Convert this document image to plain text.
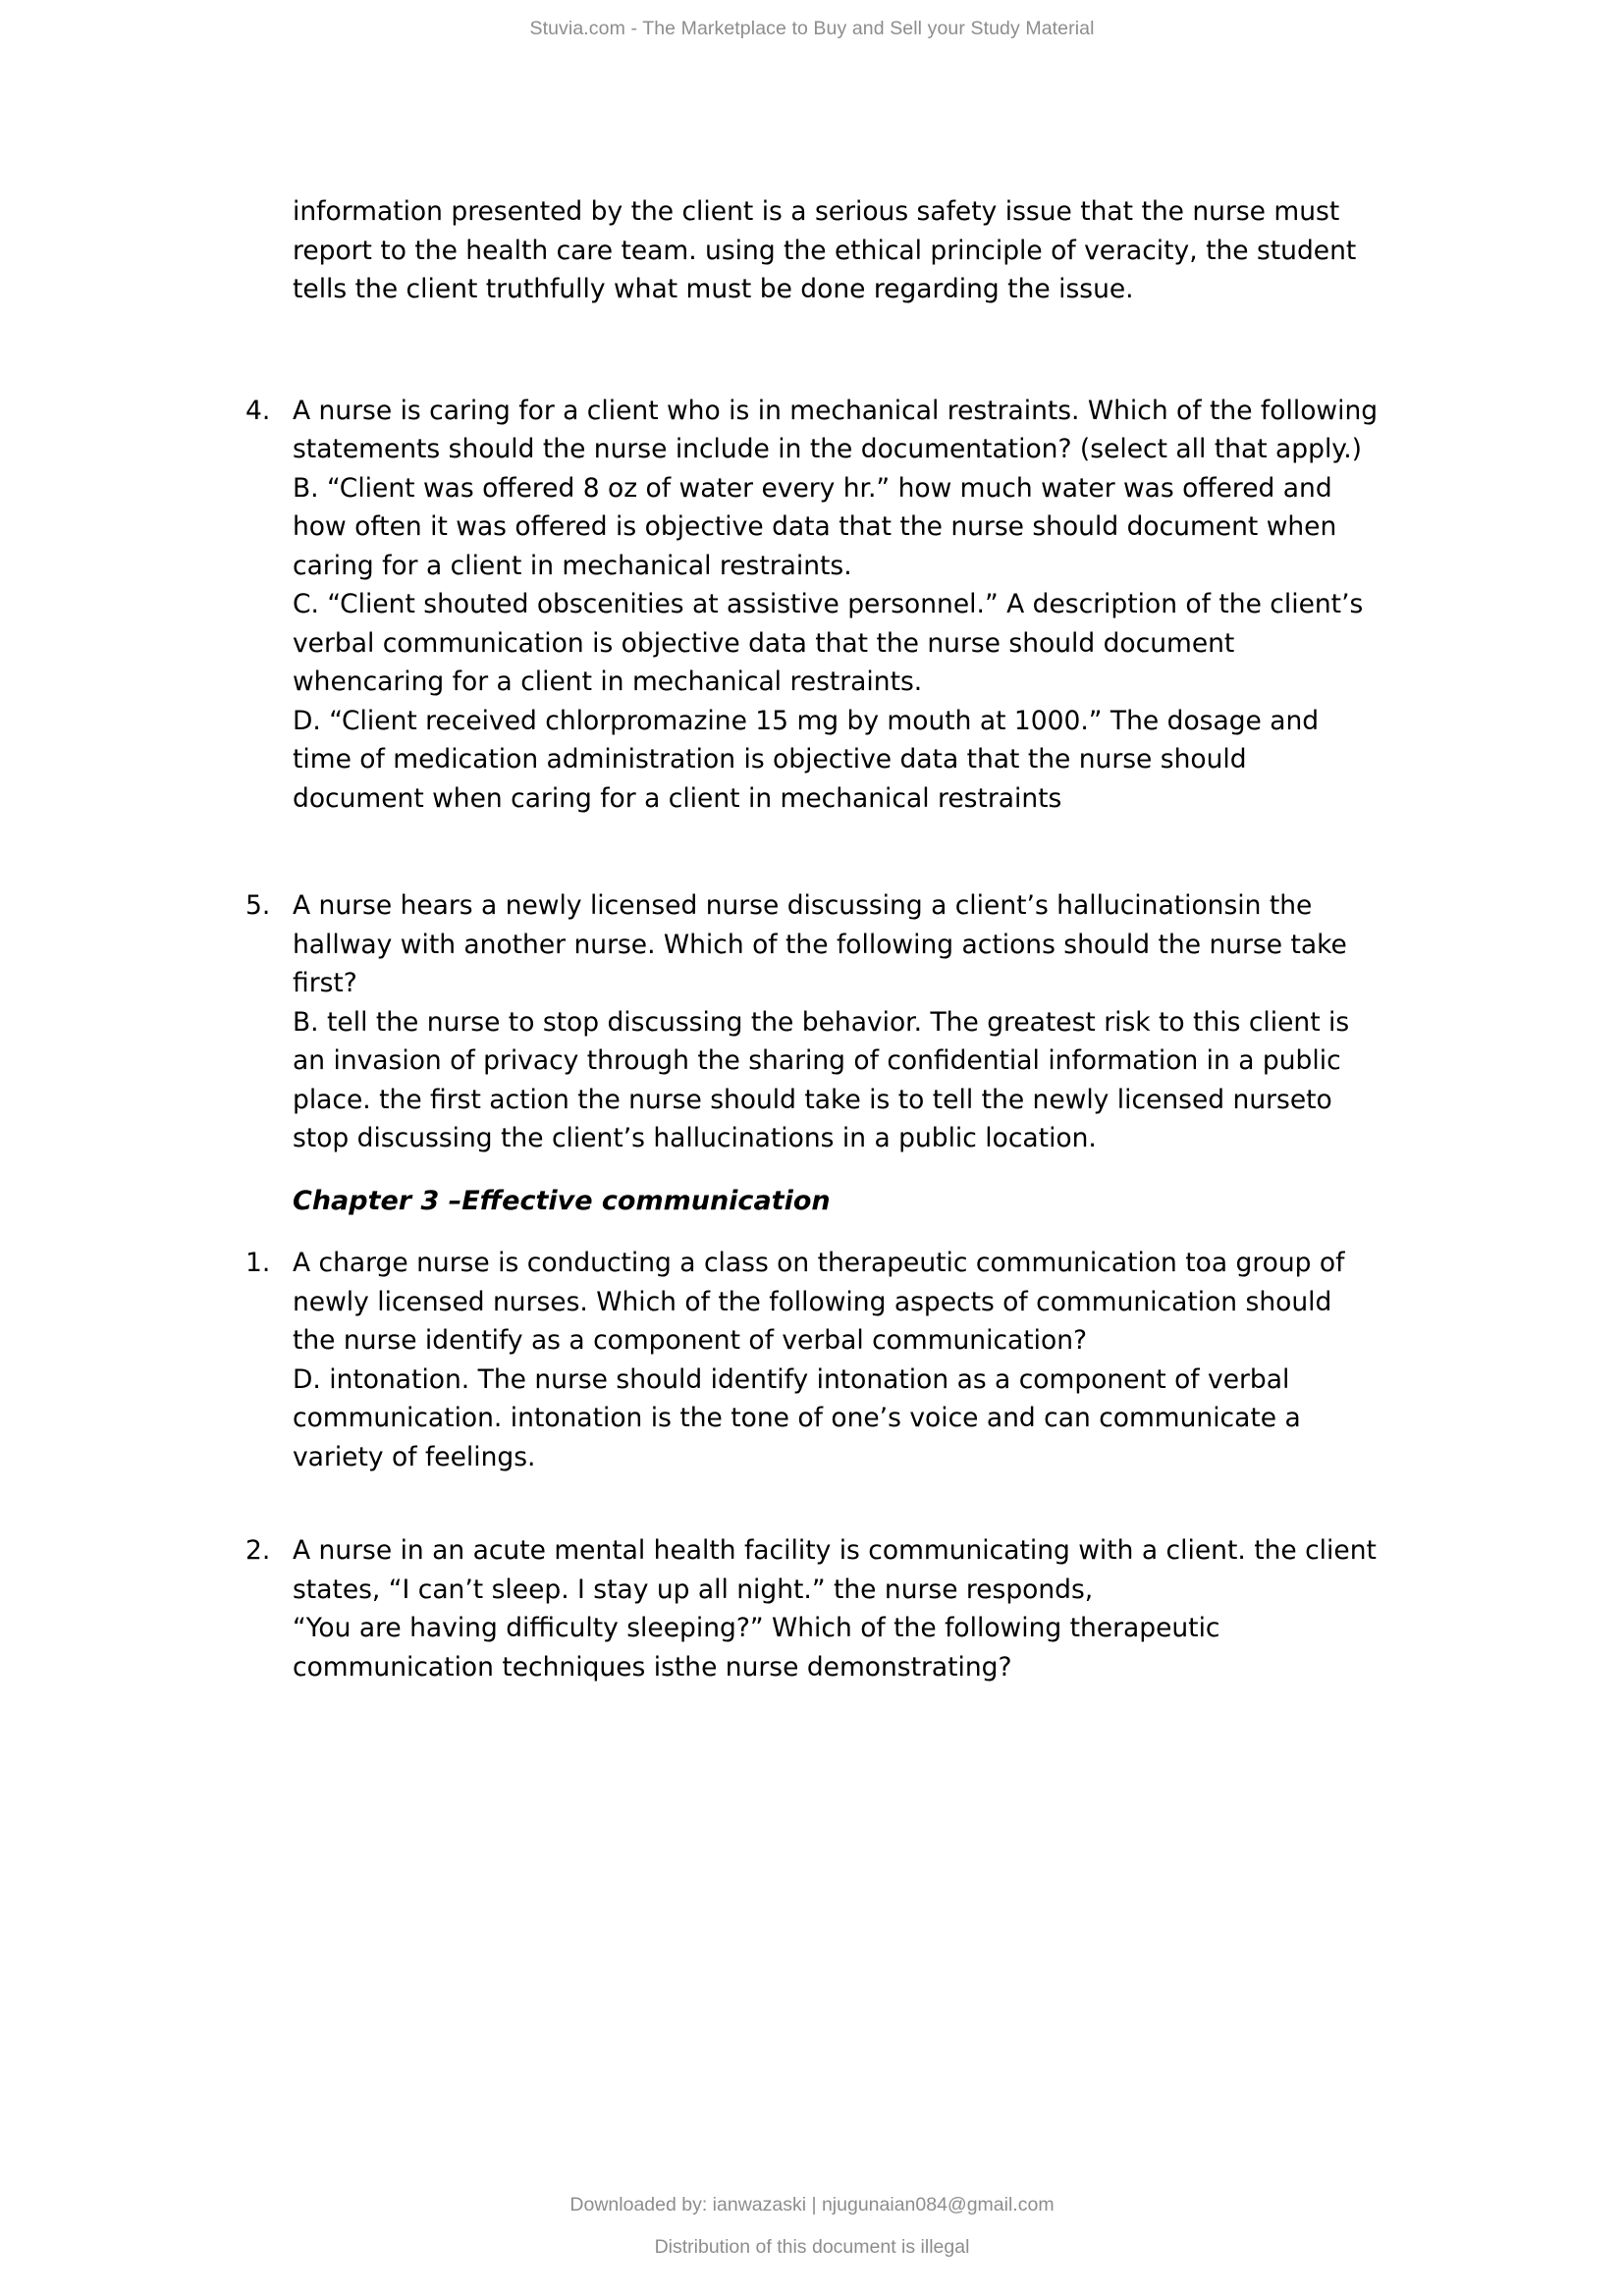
Stuvia.com - The Marketplace to Buy and Sell your Study Material

information presented by the client is a serious safety issue that the nurse must report to the health care team. using the ethical principle of veracity, the student tells the client truthfully what must be done regarding the issue.

4. A nurse is caring for a client who is in mechanical restraints. Which of the following statements should the nurse include in the documentation? (select all that apply.)

B. “Client was offered 8 oz of water every hr.” how much water was offered and how often it was offered is objective data that the nurse should document when caring for a client in mechanical restraints.

C. “Client shouted obscenities at assistive personnel.” A description of the client’s verbal communication is objective data that the nurse should document whencaring for a client in mechanical restraints.

D. “Client received chlorpromazine 15 mg by mouth at 1000.” The dosage and time of medication administration is objective data that the nurse should document when caring for a client in mechanical restraints

5. A nurse hears a newly licensed nurse discussing a client’s hallucinationsin the hallway with another nurse. Which of the following actions should the nurse take first?

B. tell the nurse to stop discussing the behavior. The greatest risk to this client is an invasion of privacy through the sharing of confidential information in a public place. the first action the nurse should take is to tell the newly licensed nurseto stop discussing the client’s hallucinations in a public location.

Chapter 3 –Effective communication
1. A charge nurse is conducting a class on therapeutic communication toa group of newly licensed nurses. Which of the following aspects of communication should the nurse identify as a component of verbal communication?

D. intonation. The nurse should identify intonation as a component of verbal communication. intonation is the tone of one’s voice and can communicate a variety of feelings.

2. A nurse in an acute mental health facility is communicating with a client. the client states, “I can’t sleep. I stay up all night.” the nurse responds,

“You are having difficulty sleeping?” Which of the following therapeutic communication techniques isthe nurse demonstrating?

Downloaded by: ianwazaski | njugunaian084@gmail.com
Distribution of this document is illegal
